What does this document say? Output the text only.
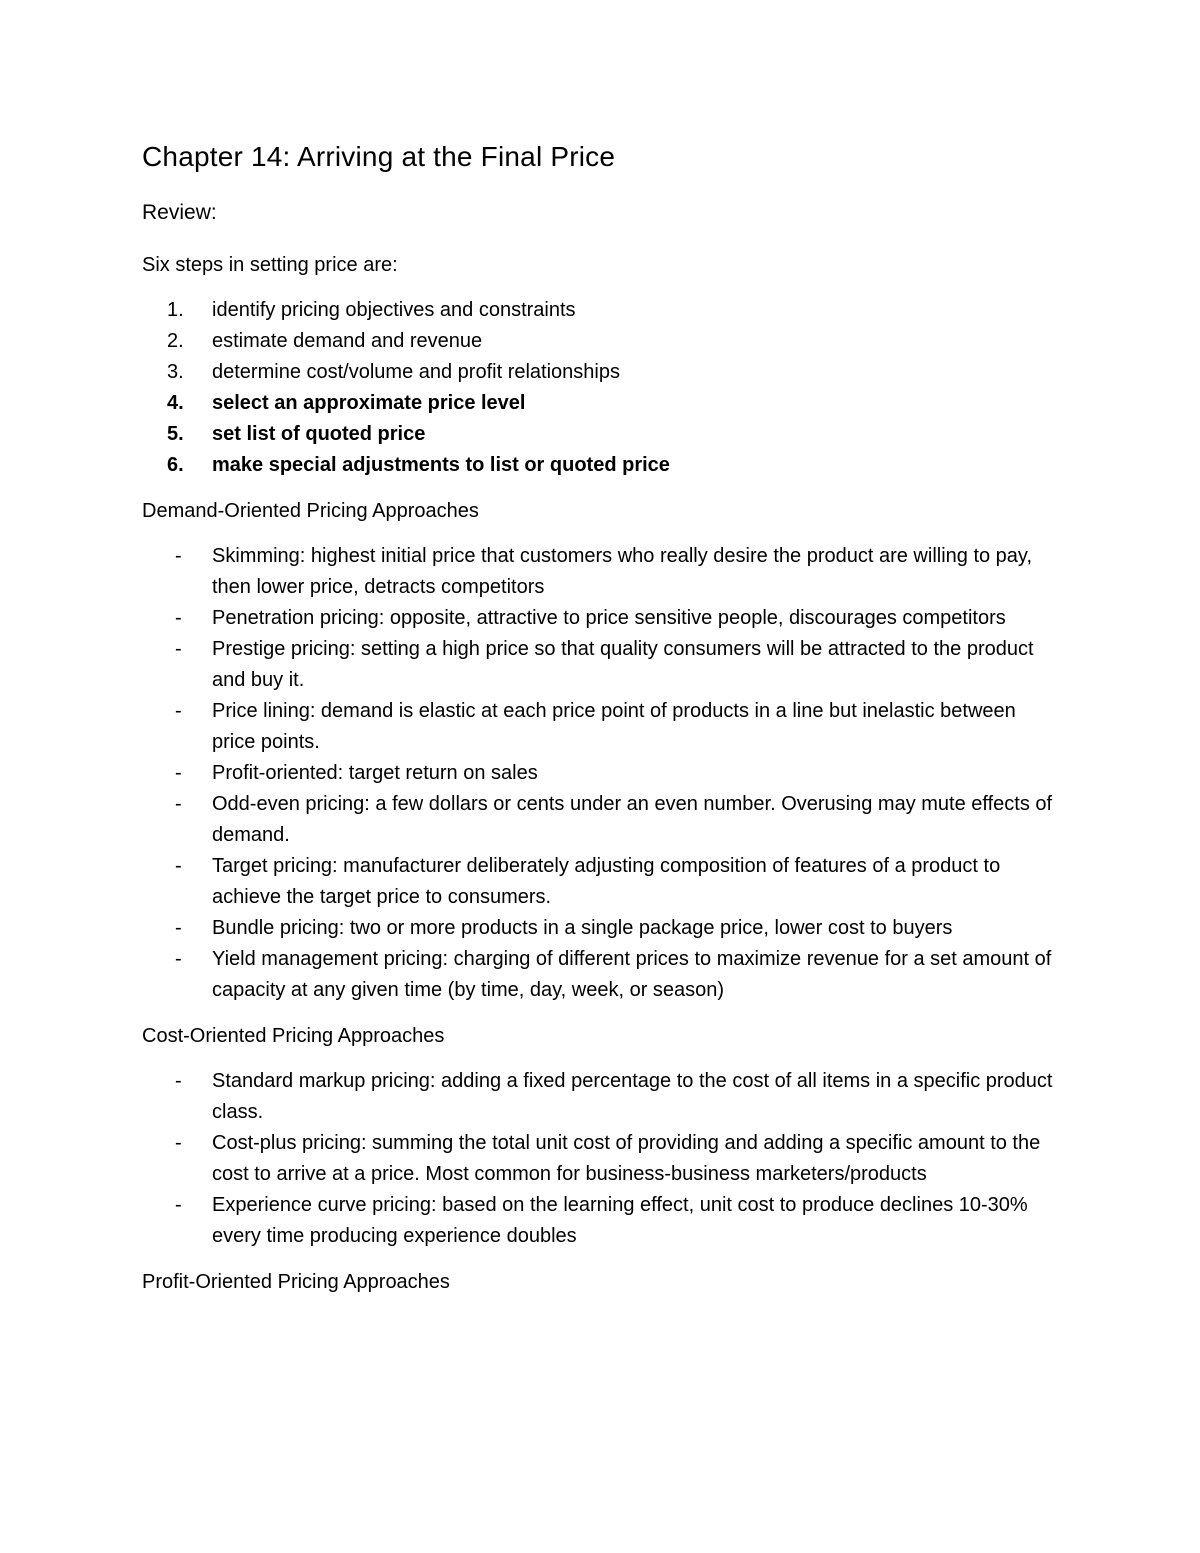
Chapter 14: Arriving at the Final Price
Review:

Six steps in setting price are:

1.	identify pricing objectives and constraints
2.	estimate demand and revenue
3.	determine cost/volume and profit relationships
4.	select an approximate price level
5.	set list of quoted price
6.	make special adjustments to list or quoted price

Demand-Oriented Pricing Approaches

-	Skimming: highest initial price that customers who really desire the product are willing to pay, then lower price, detracts competitors
-	Penetration pricing: opposite, attractive to price sensitive people, discourages competitors
-	Prestige pricing: setting a high price so that quality consumers will be attracted to the product and buy it.
-	Price lining: demand is elastic at each price point of products in a line but inelastic between price points.
-	Profit-oriented: target return on sales
-	Odd-even pricing: a few dollars or cents under an even number. Overusing may mute effects of demand.
-	Target pricing: manufacturer deliberately adjusting composition of features of a product to achieve the target price to consumers.
-	Bundle pricing: two or more products in a single package price, lower cost to buyers
-	Yield management pricing: charging of different prices to maximize revenue for a set amount of capacity at any given time (by time, day, week, or season)

Cost-Oriented Pricing Approaches

-	Standard markup pricing: adding a fixed percentage to the cost of all items in a specific product class.
-	Cost-plus pricing: summing the total unit cost of providing and adding a specific amount to the cost to arrive at a price. Most common for business-business marketers/products
-	Experience curve pricing: based on the learning effect, unit cost to produce declines 10-30% every time producing experience doubles

Profit-Oriented Pricing Approaches
